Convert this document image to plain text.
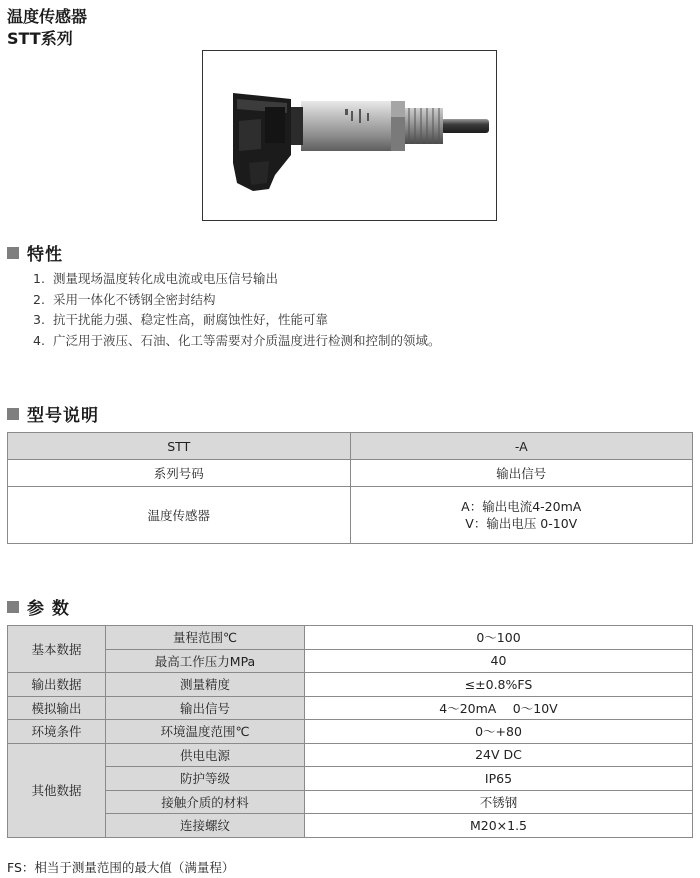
温度传感器
STT系列
特性
1. 测量现场温度转化成电流或电压信号输出
2. 采用一体化不锈钢全密封结构
3. 抗干扰能力强、稳定性高，耐腐蚀性好，性能可靠
4. 广泛用于液压、石油、化工等需要对介质温度进行检测和控制的领域。
型号说明
STT	-A
系列号码	输出信号
温度传感器	A：输出电流4-20mA
V：输出电压 0-10V
参 数
基本数据	量程范围℃	0～100
	最高工作压力MPa	40
输出数据	测量精度	≤±0.8%FS
模拟输出	输出信号	4～20mA　 0～10V
环境条件	环境温度范围℃	0～+80
其他数据	供电电源	24V DC
	防护等级	IP65
	接触介质的材料	不锈钢
	连接螺纹	M20×1.5
FS：相当于测量范围的最大值（满量程）
